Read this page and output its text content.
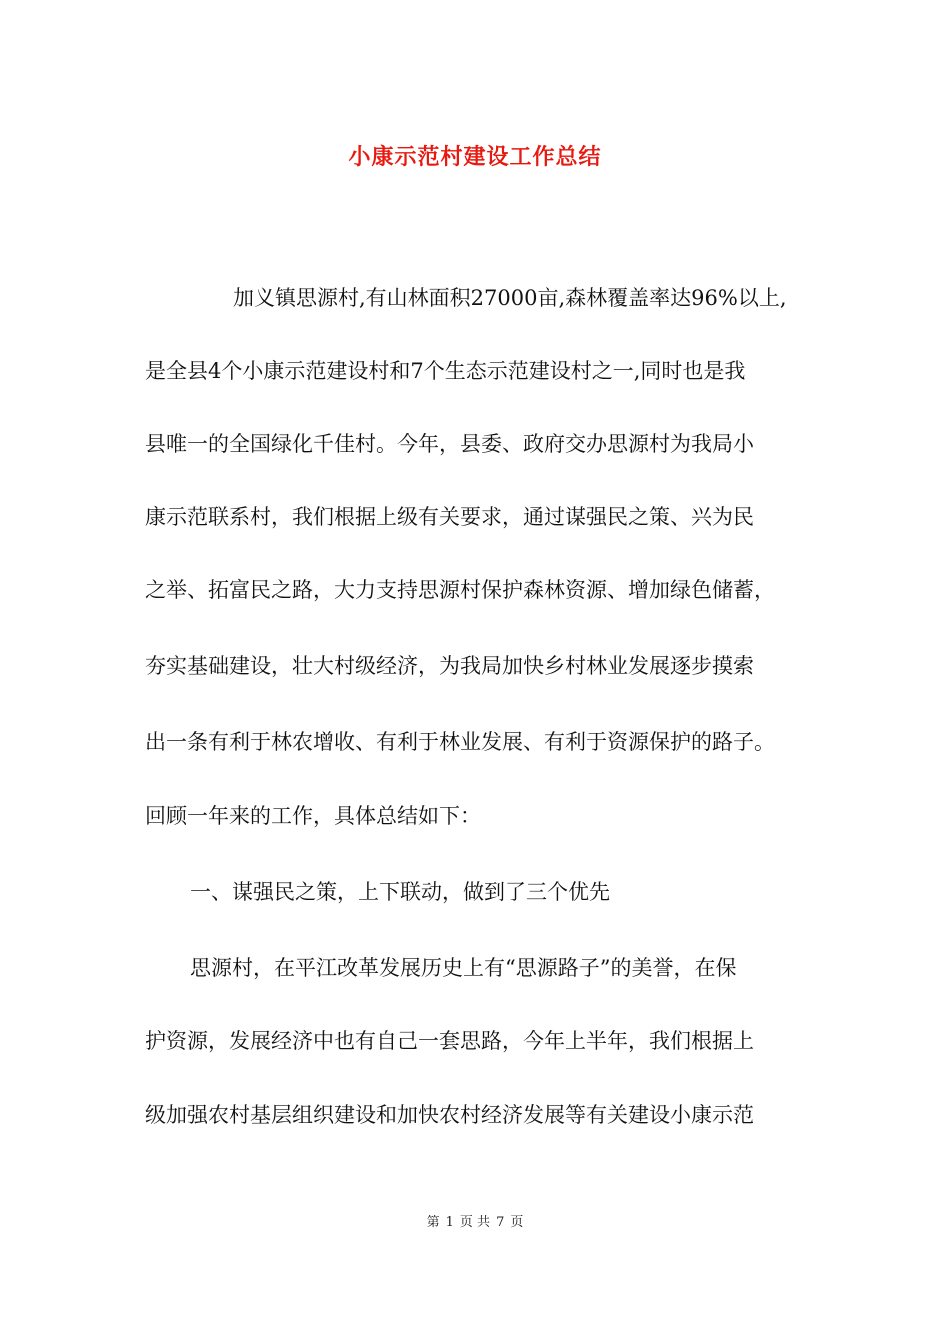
小康示范村建设工作总结
加义镇思源村,有山林面积27000亩,森林覆盖率达96%以上,
是全县4个小康示范建设村和7个生态示范建设村之一,同时也是我
县唯一的全国绿化千佳村。今年，县委、政府交办思源村为我局小
康示范联系村，我们根据上级有关要求，通过谋强民之策、兴为民
之举、拓富民之路，大力支持思源村保护森林资源、增加绿色储蓄，
夯实基础建设，壮大村级经济，为我局加快乡村林业发展逐步摸索
出一条有利于林农增收、有利于林业发展、有利于资源保护的路子。
回顾一年来的工作，具体总结如下：
一、谋强民之策，上下联动，做到了三个优先
思源村，在平江改革发展历史上有“思源路子”的美誉，在保
护资源，发展经济中也有自己一套思路，今年上半年，我们根据上
级加强农村基层组织建设和加快农村经济发展等有关建设小康示范
第 1 页 共 7 页
